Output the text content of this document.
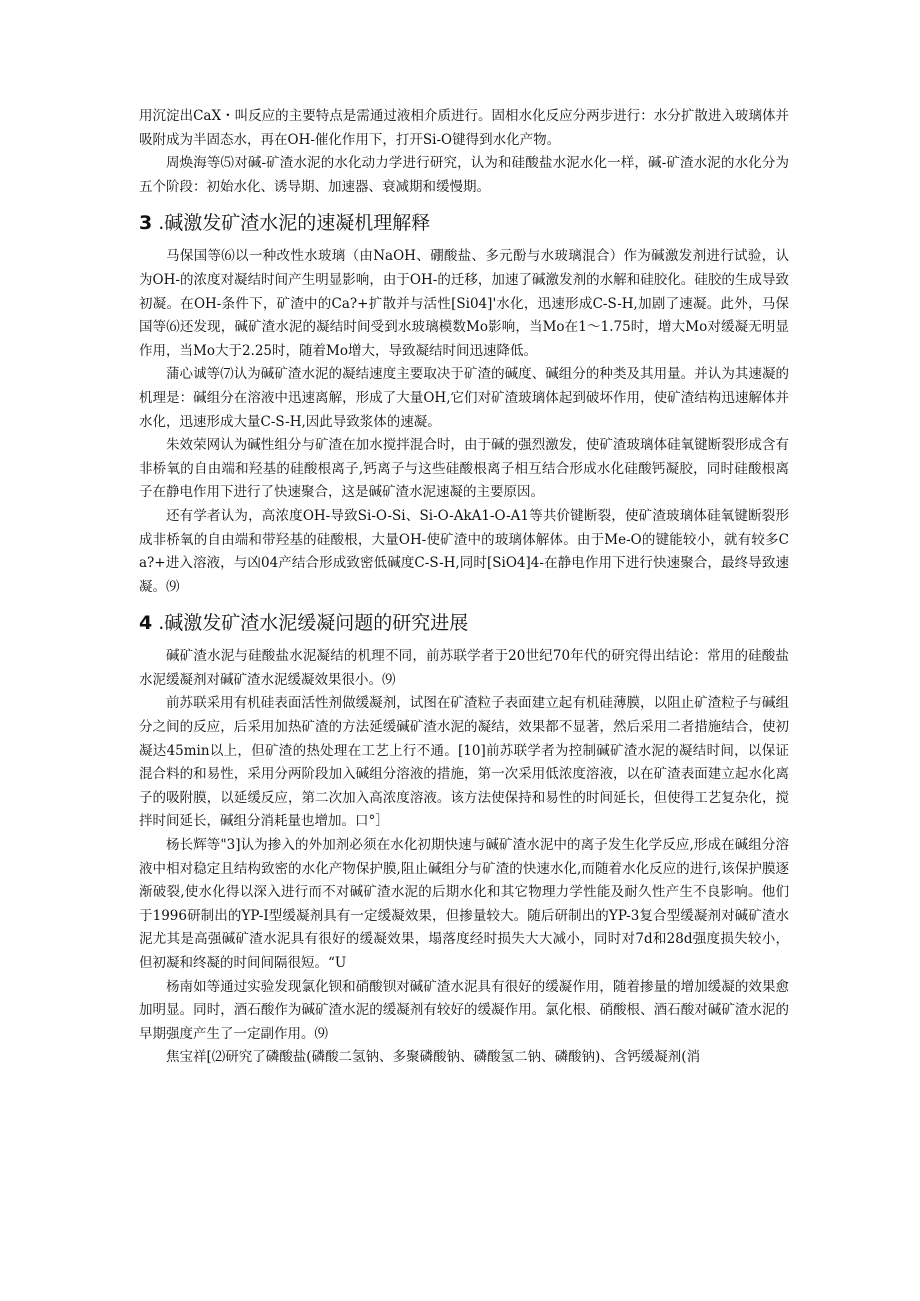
用沉淀出CaX・叫反应的主要特点是需通过液相介质进行。固相水化反应分两步进行：水分扩散进入玻璃体并吸附成为半固态水，再在OH-催化作用下，打开Si-O键得到水化产物。

周焕海等⑸对碱-矿渣水泥的水化动力学进行研究，认为和硅酸盐水泥水化一样，碱-矿渣水泥的水化分为五个阶段：初始水化、诱导期、加速器、衰减期和缓慢期。

3 .碱激发矿渣水泥的速凝机理解释

马保国等⑹以一种改性水玻璃（由NaOH、硼酸盐、多元酚与水玻璃混合）作为碱激发剂进行试验，认为OH-的浓度对凝结时间产生明显影响，由于OH-的迁移，加速了碱激发剂的水解和硅胶化。硅胶的生成导致初凝。在OH-条件下，矿渣中的Ca?+扩散并与活性[Si04]'水化，迅速形成C-S-H,加剧了速凝。此外，马保国等⑹还发现，碱矿渣水泥的凝结时间受到水玻璃模数Mo影响，当Mo在1～1.75时，增大Mo对缓凝无明显作用，当Mo大于2.25时，随着Mo增大，导致凝结时间迅速降低。

蒲心诚等⑺认为碱矿渣水泥的凝结速度主要取决于矿渣的碱度、碱组分的种类及其用量。并认为其速凝的机理是：碱组分在溶液中迅速离解，形成了大量OH,它们对矿渣玻璃体起到破坏作用，使矿渣结构迅速解体并水化，迅速形成大量C-S-H,因此导致浆体的速凝。

朱效荣网认为碱性组分与矿渣在加水搅拌混合时，由于碱的强烈激发，使矿渣玻璃体硅氧键断裂形成含有非桥氧的自由端和羟基的硅酸根离子,钙离子与这些硅酸根离子相互结合形成水化硅酸钙凝胶，同时硅酸根离子在静电作用下进行了快速聚合，这是碱矿渣水泥速凝的主要原因。

还有学者认为，高浓度OH-导致Si-O-Si、Si-O-AkA1-O-A1等共价键断裂，使矿渣玻璃体硅氧键断裂形成非桥氧的自由端和带羟基的硅酸根，大量OH-使矿渣中的玻璃体解体。由于Me-O的键能较小，就有较多Ca?+进入溶液，与凶04产结合形成致密低碱度C-S-H,同时[SiO4]4-在静电作用下进行快速聚合，最终导致速凝。⑼

4 .碱激发矿渣水泥缓凝问题的研究进展

碱矿渣水泥与硅酸盐水泥凝结的机理不同，前苏联学者于20世纪70年代的研究得出结论：常用的硅酸盐水泥缓凝剂对碱矿渣水泥缓凝效果很小。⑼

前苏联采用有机硅表面活性剂做缓凝剂，试图在矿渣粒子表面建立起有机硅薄膜，以阻止矿渣粒子与碱组分之间的反应，后采用加热矿渣的方法延缓碱矿渣水泥的凝结，效果都不显著，然后采用二者措施结合，使初凝达45min以上，但矿渣的热处理在工艺上行不通。[10]前苏联学者为控制碱矿渣水泥的凝结时间，以保证混合料的和易性，采用分两阶段加入碱组分溶液的措施，第一次采用低浓度溶液，以在矿渣表面建立起水化离子的吸附膜，以延缓反应，第二次加入高浓度溶液。该方法使保持和易性的时间延长，但使得工艺复杂化，搅拌时间延长，碱组分消耗量也增加。口°］

杨长辉等"3]认为掺入的外加剂必须在水化初期快速与碱矿渣水泥中的离子发生化学反应,形成在碱组分溶液中相对稳定且结构致密的水化产物保护膜,阻止碱组分与矿渣的快速水化,而随着水化反应的进行,该保护膜逐渐破裂,使水化得以深入进行而不对碱矿渣水泥的后期水化和其它物理力学性能及耐久性产生不良影响。他们于1996研制出的YP-I型缓凝剂具有一定缓凝效果，但掺量较大。随后研制出的YP-3复合型缓凝剂对碱矿渣水泥尤其是高强碱矿渣水泥具有很好的缓凝效果，塌落度经时损失大大减小，同时对7d和28d强度损失较小，但初凝和终凝的时间间隔很短。“U

杨南如等通过实验发现氯化钡和硝酸钡对碱矿渣水泥具有很好的缓凝作用，随着掺量的增加缓凝的效果愈加明显。同时，酒石酸作为碱矿渣水泥的缓凝剂有较好的缓凝作用。氯化根、硝酸根、酒石酸对碱矿渣水泥的早期强度产生了一定副作用。⑼

焦宝祥[⑵研究了磷酸盐(磷酸二氢钠、多聚磷酸钠、磷酸氢二钠、磷酸钠)、含钙缓凝剂(消
